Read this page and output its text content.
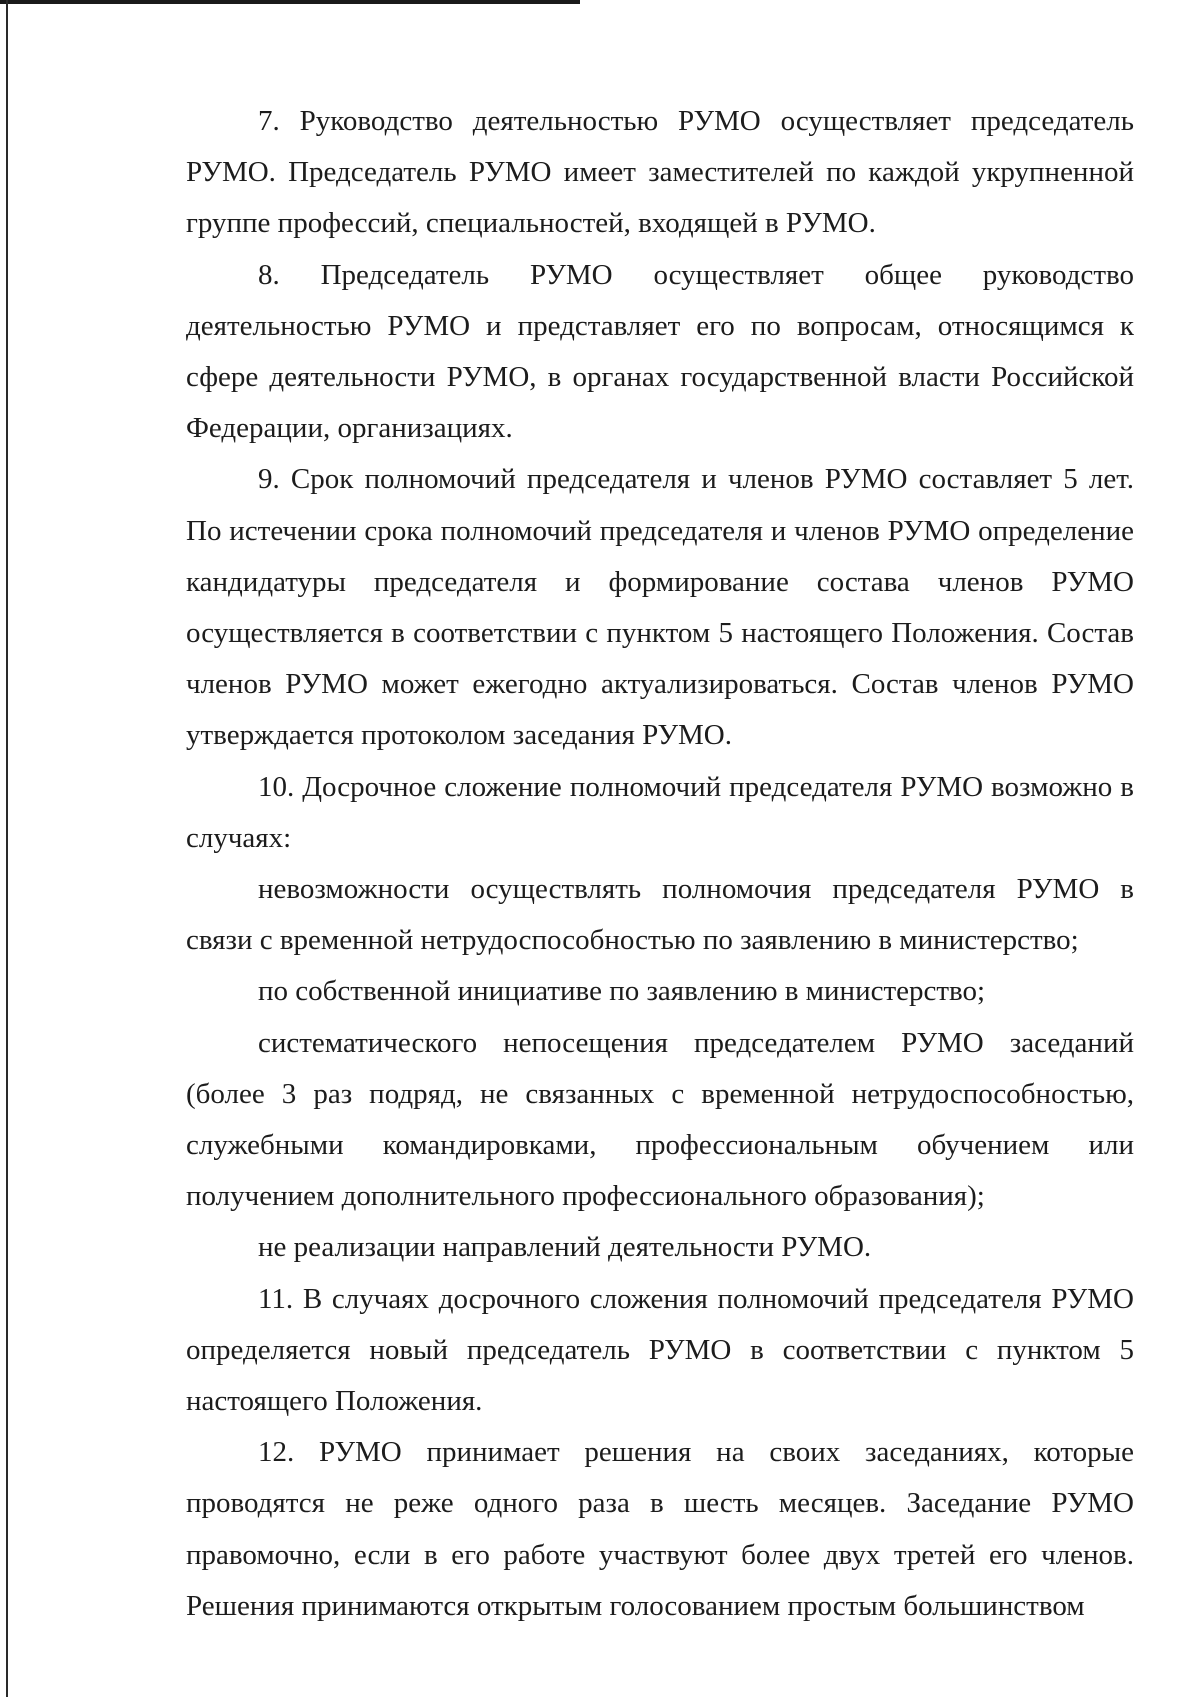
7. Руководство деятельностью РУМО осуществляет председатель РУМО. Председатель РУМО имеет заместителей по каждой укрупненной группе профессий, специальностей, входящей в РУМО.

8. Председатель РУМО осуществляет общее руководство деятельностью РУМО и представляет его по вопросам, относящимся к сфере деятельности РУМО, в органах государственной власти Российской Федерации, организациях.

9. Срок полномочий председателя и членов РУМО составляет 5 лет. По истечении срока полномочий председателя и членов РУМО определение кандидатуры председателя и формирование состава членов РУМО осуществляется в соответствии с пунктом 5 настоящего Положения. Состав членов РУМО может ежегодно актуализироваться. Состав членов РУМО утверждается протоколом заседания РУМО.

10. Досрочное сложение полномочий председателя РУМО возможно в случаях:

невозможности осуществлять полномочия председателя РУМО в связи с временной нетрудоспособностью по заявлению в министерство;

по собственной инициативе по заявлению в министерство;

систематического непосещения председателем РУМО заседаний (более 3 раз подряд, не связанных с временной нетрудоспособностью, служебными командировками, профессиональным обучением или получением дополнительного профессионального образования);

не реализации направлений деятельности РУМО.

11. В случаях досрочного сложения полномочий председателя РУМО определяется новый председатель РУМО в соответствии с пунктом 5 настоящего Положения.

12. РУМО принимает решения на своих заседаниях, которые проводятся не реже одного раза в шесть месяцев. Заседание РУМО правомочно, если в его работе участвуют более двух третей его членов. Решения принимаются открытым голосованием простым большинством
